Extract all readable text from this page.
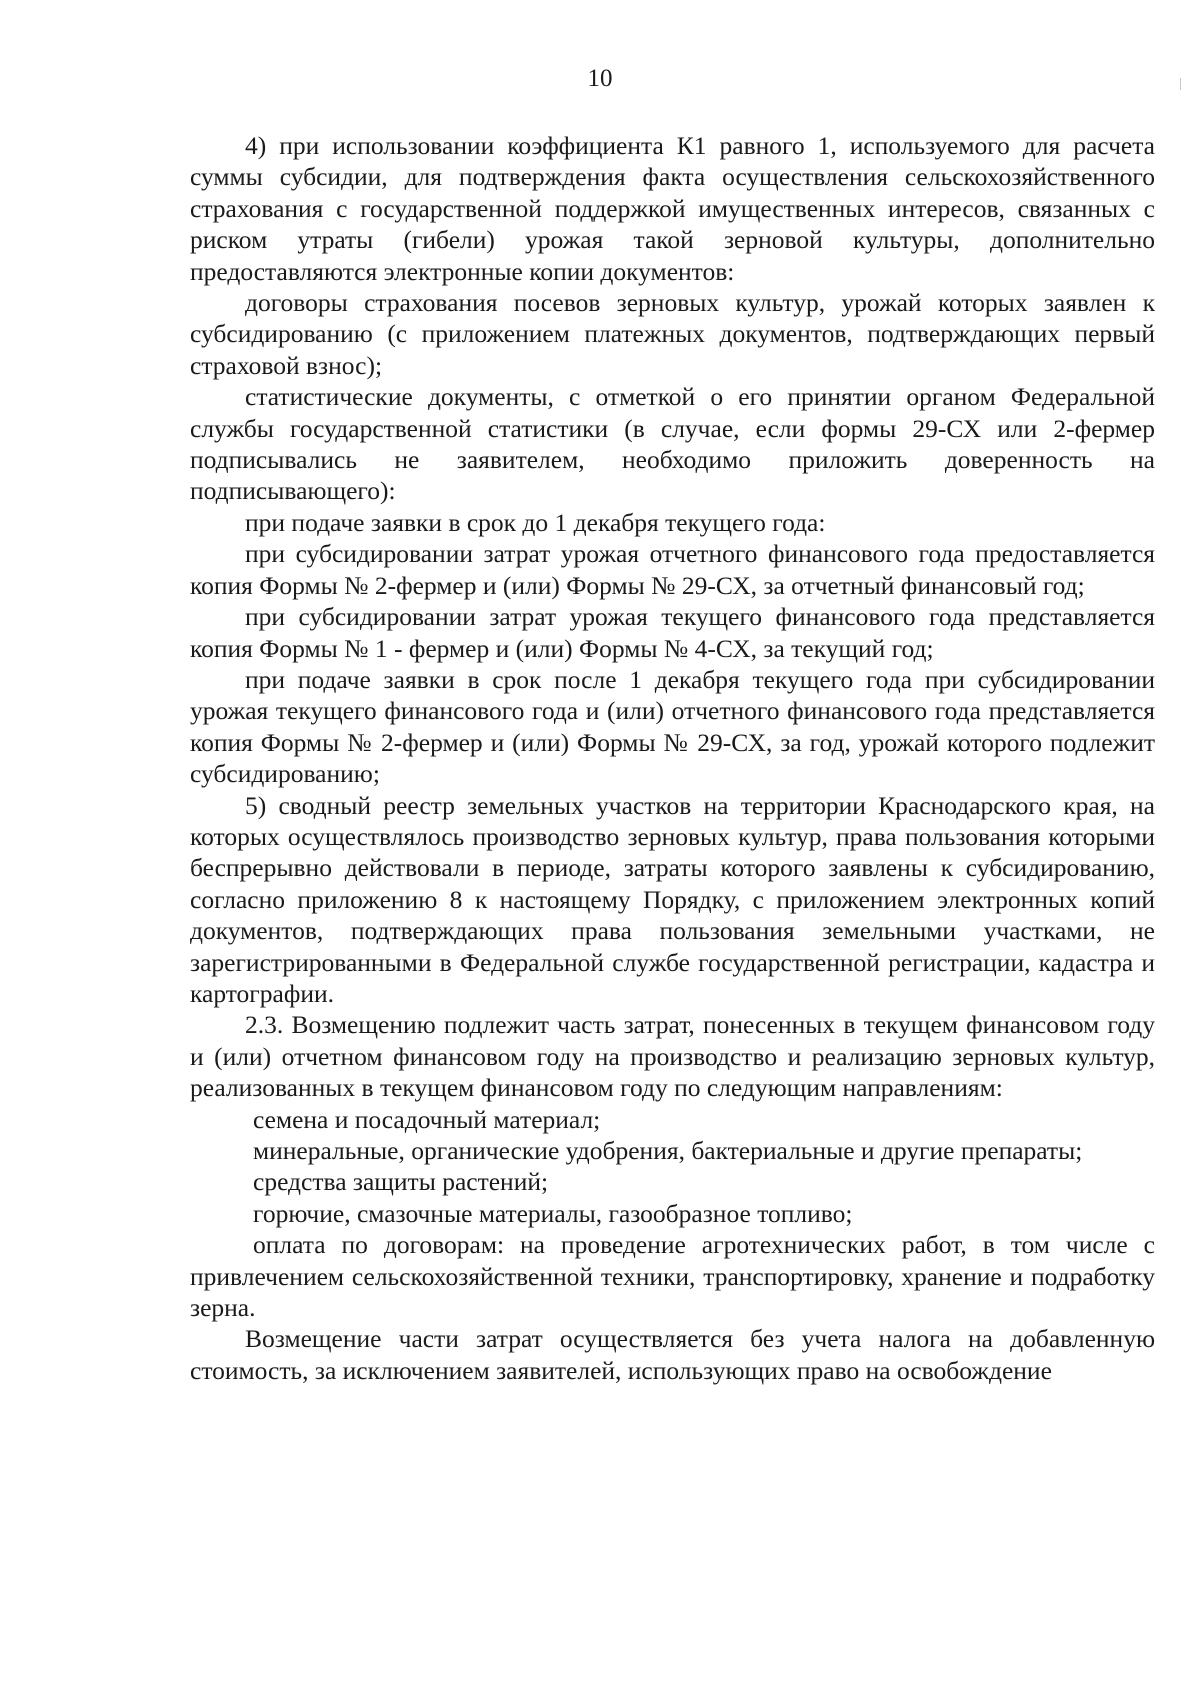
10

4) при использовании коэффициента К1 равного 1, используемого для расчета суммы субсидии, для подтверждения факта осуществления сельскохозяйственного страхования с государственной поддержкой имущественных интересов, связанных с риском утраты (гибели) урожая такой зерновой культуры, дополнительно предоставляются электронные копии документов:

договоры страхования посевов зерновых культур, урожай которых заявлен к субсидированию (с приложением платежных документов, подтверждающих первый страховой взнос);

статистические документы, с отметкой о его принятии органом Федеральной службы государственной статистики (в случае, если формы 29-СХ или 2-фермер подписывались не заявителем, необходимо приложить доверенность на подписывающего):

при подаче заявки в срок до 1 декабря текущего года:

при субсидировании затрат урожая отчетного финансового года предоставляется копия Формы № 2-фермер и (или) Формы № 29-СХ, за отчетный финансовый год;

при субсидировании затрат урожая текущего финансового года представляется копия Формы № 1 - фермер и (или) Формы № 4-СХ, за текущий год;

при подаче заявки в срок после 1 декабря текущего года при субсидировании урожая текущего финансового года и (или) отчетного финансового года представляется копия Формы № 2-фермер и (или) Формы № 29-СХ, за год, урожай которого подлежит субсидированию;

5) сводный реестр земельных участков на территории Краснодарского края, на которых осуществлялось производство зерновых культур, права пользования которыми беспрерывно действовали в периоде, затраты которого заявлены к субсидированию, согласно приложению 8 к настоящему Порядку, с приложением электронных копий документов, подтверждающих права пользования земельными участками, не зарегистрированными в Федеральной службе государственной регистрации, кадастра и картографии.

2.3. Возмещению подлежит часть затрат, понесенных в текущем финансовом году и (или) отчетном финансовом году на производство и реализацию зерновых культур, реализованных в текущем финансовом году по следующим направлениям:

семена и посадочный материал;

минеральные, органические удобрения, бактериальные и другие препараты;

средства защиты растений;

горючие, смазочные материалы, газообразное топливо;

оплата по договорам: на проведение агротехнических работ, в том числе с привлечением сельскохозяйственной техники, транспортировку, хранение и подработку зерна.

Возмещение части затрат осуществляется без учета налога на добавленную стоимость, за исключением заявителей, использующих право на освобождение
